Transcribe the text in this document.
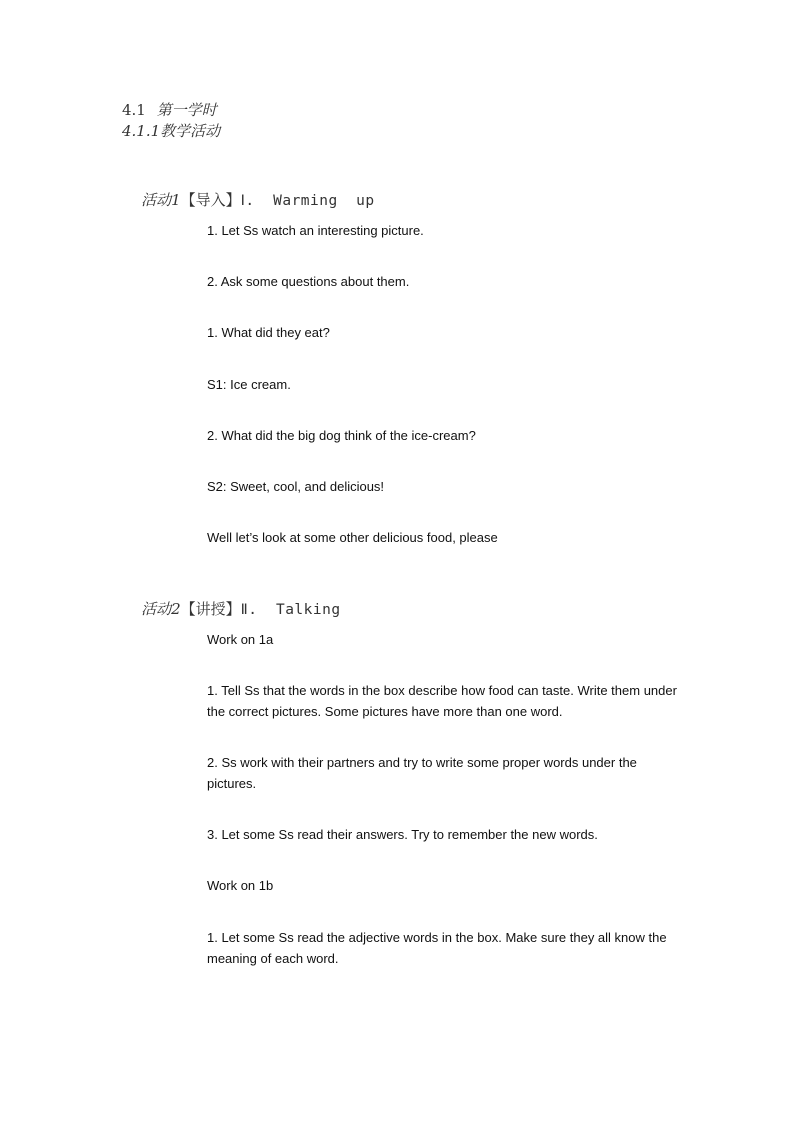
4.1 第一学时
4.1.1教学活动

活动1【导入】Ⅰ.  Warming  up

1. Let Ss watch an interesting picture.
2. Ask some questions about them.
1. What did they eat?
S1: Ice cream.
2. What did the big dog think of the ice-cream?
S2: Sweet, cool, and delicious!
Well let’s look at some other delicious food, please

活动2【讲授】Ⅱ.  Talking

Work on 1a
1. Tell Ss that the words in the box describe how food can taste. Write them under the correct pictures. Some pictures have more than one word.
2. Ss work with their partners and try to write some proper words under the pictures.
3. Let some Ss read their answers. Try to remember the new words.
Work on 1b
1. Let some Ss read the adjective words in the box. Make sure they all know the meaning of each word.
